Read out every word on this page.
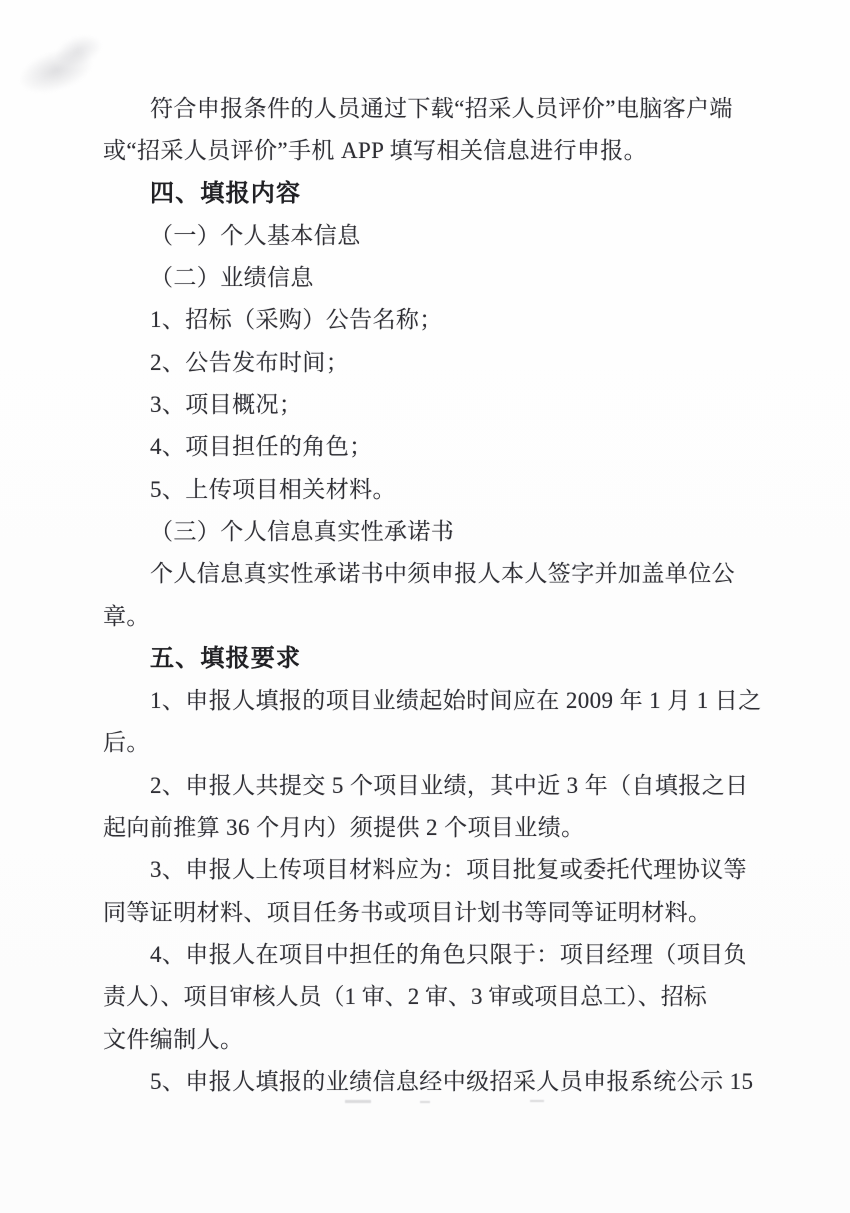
符合申报条件的人员通过下载“招采人员评价”电脑客户端
或“招采人员评价”手机 APP 填写相关信息进行申报。
四、填报内容
（一）个人基本信息
（二）业绩信息
1、招标（采购）公告名称；
2、公告发布时间；
3、项目概况；
4、项目担任的角色；
5、上传项目相关材料。
（三）个人信息真实性承诺书
个人信息真实性承诺书中须申报人本人签字并加盖单位公
章。
五、填报要求
1、申报人填报的项目业绩起始时间应在 2009 年 1 月 1 日之
后。
2、申报人共提交 5 个项目业绩，其中近 3 年（自填报之日
起向前推算 36 个月内）须提供 2 个项目业绩。
3、申报人上传项目材料应为：项目批复或委托代理协议等
同等证明材料、项目任务书或项目计划书等同等证明材料。
4、申报人在项目中担任的角色只限于：项目经理（项目负
责人）、项目审核人员（1 审、2 审、3 审或项目总工）、招标
文件编制人。
5、申报人填报的业绩信息经中级招采人员申报系统公示 15
